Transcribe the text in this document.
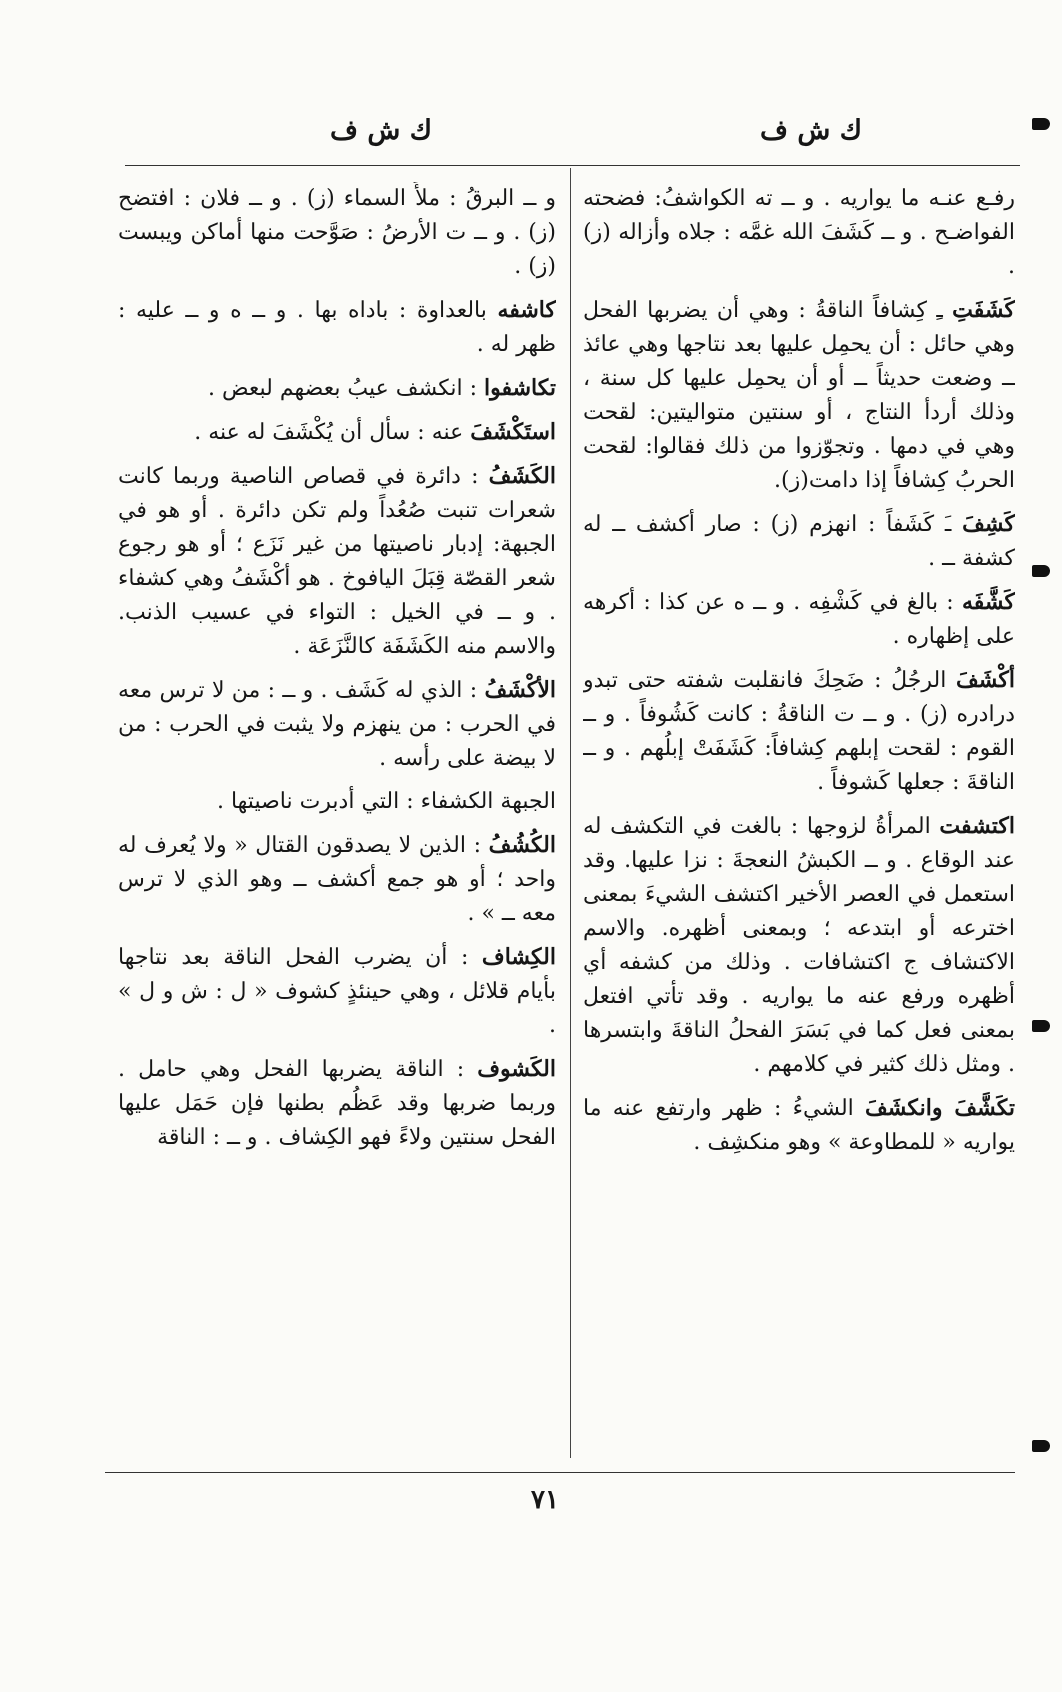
ك ش ف
ك ش ف

رفـع عنـه ما يواريه . و ــ ته الكواشفُ: فضحته الفواضـح . و ــ كَشَفَ الله غمَّه : جلاه وأزاله (ز) .

كَشَفَتِ ـِ كِشافاً الناقةُ : وهي أن يضربها الفحل وهي حائل : أن يحمِل عليها بعد نتاجها وهي عائذ ــ وضعت حديثاً ــ أو أن يحمِل عليها كل سنة ، وذلك أردأ النتاج ، أو سنتين متواليتين: لقحت وهي في دمها . وتجوّزوا من ذلك فقالوا: لقحت الحربُ كِشافاً إذا دامت(ز).

كَشِفَ ـَ كَشَفاً : انهزم (ز) : صار أكشف ــ له كشفة ــ .

كَشَّفَه : بالغ في كَشْفِه . و ــ ه عن كذا : أكرهه على إظهاره .

أكْشَفَ الرجُلُ : ضَحِكَ فانقلبت شفته حتى تبدو درادره (ز) . و ــ ت الناقةُ : كانت كَشُوفاً . و ــ القوم : لقحت إبلهم كِشافاً: كَشَفَتْ إبلُهم . و ــ الناقةَ : جعلها كَشوفاً .

اكتشفت المرأةُ لزوجها : بالغت في التكشف له عند الوقاع . و ــ الكبشُ النعجةَ : نزا عليها. وقد استعمل في العصر الأخير اكتشف الشيءَ بمعنى اخترعه أو ابتدعه ؛ وبمعنى أظهره. والاسم الاكتشاف ج اكتشافات . وذلك من كشفه أي أظهره ورفع عنه ما يواريه . وقد تأتي افتعل بمعنى فعل كما في بَسَرَ الفحلُ الناقةَ وابتسرها . ومثل ذلك كثير في كلامهم .

تكَشَّفَ وانكشَفَ الشيءُ : ظهر وارتفع عنه ما يواريه « للمطاوعة » وهو منكشِف .

و ــ البرقُ : ملأَ السماء (ز) . و ــ فلان : افتضح (ز) . و ــ ت الأرضُ : صَوَّحت منها أماكن ويبست (ز) .

كاشفه بالعداوة : باداه بها . و ــ ه و ــ عليه : ظهر له .

تكاشفوا : انكشف عيبُ بعضهم لبعض .

استَكْشَفَ عنه : سأل أن يُكْشَفَ له عنه .

الكَشَفُ : دائرة في قصاص الناصية وربما كانت شعرات تنبت صُعُداً ولم تكن دائرة . أو هو في الجبهة: إدبار ناصيتها من غير نَزَع ؛ أو هو رجوع شعر القصّة قِبَلَ اليافوخ . هو أكْشَفُ وهي كشفاء . و ــ في الخيل : التواء في عسيب الذنب. والاسم منه الكَشَفَة كالنَّزَعَة .

الأكْشَفُ : الذي له كَشَف . و ــ : من لا ترس معه في الحرب : من ينهزم ولا يثبت في الحرب : من لا بيضة على رأسه .

الجبهة الكشفاء : التي أدبرت ناصيتها .

الكُشُفُ : الذين لا يصدقون القتال « ولا يُعرف له واحد ؛ أو هو جمع أكشف ــ وهو الذي لا ترس معه ــ » .

الكِشاف : أن يضرب الفحل الناقة بعد نتاجها بأيام قلائل ، وهي حينئذٍ كشوف « ل : ش و ل » .

الكَشوف : الناقة يضربها الفحل وهي حامل . وربما ضربها وقد عَظُم بطنها فإن حَمَل عليها الفحل سنتين ولاءً فهو الكِشاف . و ــ : الناقة

٧١
